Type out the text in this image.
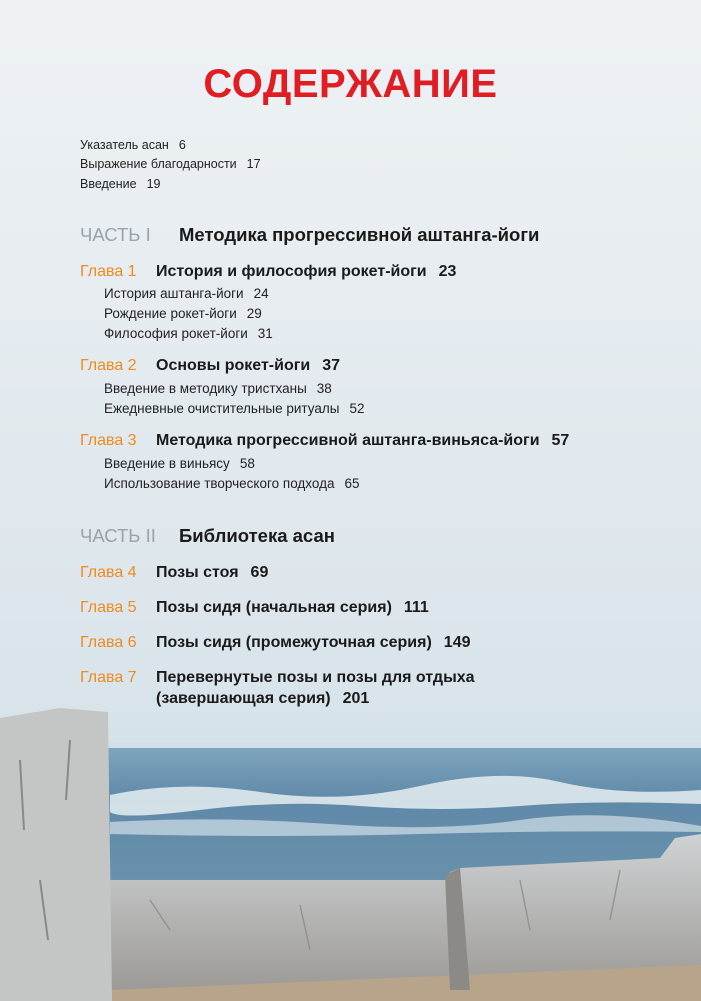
СОДЕРЖАНИЕ
Указатель асан 6
Выражение благодарности 17
Введение 19
ЧАСТЬ I Методика прогрессивной аштанга-йоги
Глава 1 История и философия рокет-йоги 23
История аштанга-йоги 24
Рождение рокет-йоги 29
Философия рокет-йоги 31
Глава 2 Основы рокет-йоги 37
Введение в методику тристханы 38
Ежедневные очистительные ритуалы 52
Глава 3 Методика прогрессивной аштанга-виньяса-йоги 57
Введение в виньясу 58
Использование творческого подхода 65
ЧАСТЬ II Библиотека асан
Глава 4 Позы стоя 69
Глава 5 Позы сидя (начальная серия) 111
Глава 6 Позы сидя (промежуточная серия) 149
Глава 7 Перевернутые позы и позы для отдыха
(завершающая серия) 201
